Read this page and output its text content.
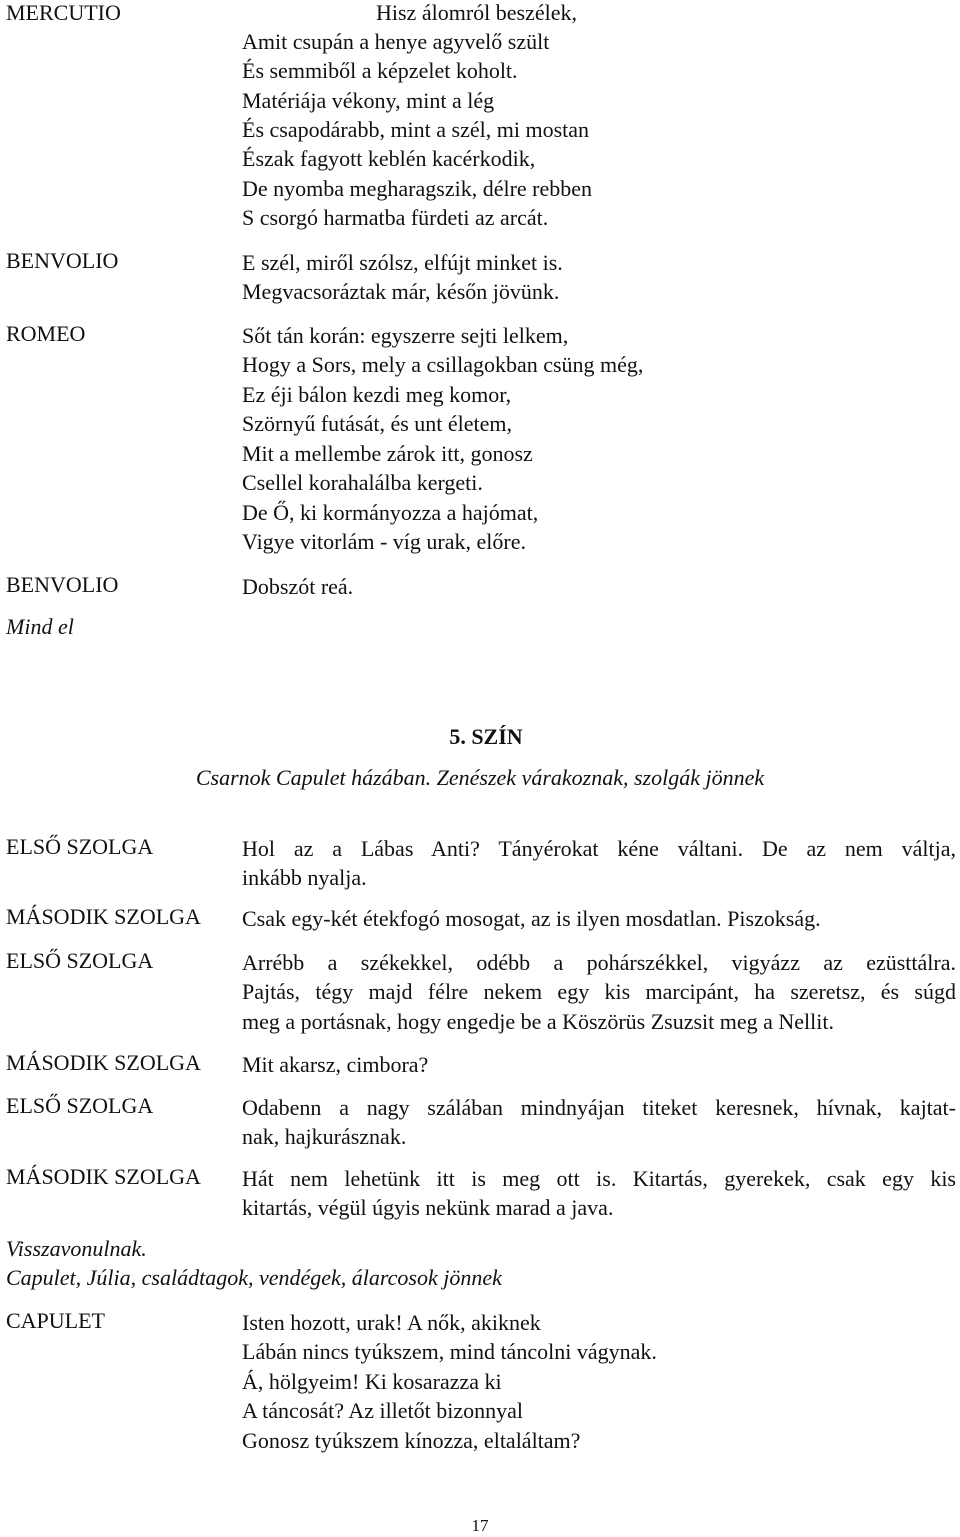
MERCUTIO	Hisz álomról beszélek,
Amit csupán a henye agyvelő szült
És semmiből a képzelet koholt.
Matériája vékony, mint a lég
És csapodárabb, mint a szél, mi mostan
Észak fagyott keblén kacérkodik,
De nyomba megharagszik, délre rebben
S csorgó harmatba fürdeti az arcát.
BENVOLIO	E szél, miről szólsz, elfújt minket is.
Megvacsoráztak már, későn jövünk.
ROMEO	Sőt tán korán: egyszerre sejti lelkem,
Hogy a Sors, mely a csillagokban csüng még,
Ez éji bálon kezdi meg komor,
Szörnyű futását, és unt életem,
Mit a mellembe zárok itt, gonosz
Csellel korahalálba kergeti.
De Ő, ki kormányozza a hajómat,
Vigye vitorlám - víg urak, előre.
BENVOLIO	Dobszót reá.
Mind el
5. SZÍN
Csarnok Capulet házában. Zenészek várakoznak, szolgák jönnek
ELSŐ SZOLGA	Hol az a Lábas Anti? Tányérokat kéne váltani. De az nem váltja,
inkább nyalja.
MÁSODIK SZOLGA Csak egy-két étekfogó mosogat, az is ilyen mosdatlan. Piszokság.
ELSŐ SZOLGA	Arrébb a székekkel, odébb a pohárszékkel, vigyázz az ezüsttálra.
Pajtás, tégy majd félre nekem egy kis marcipánt, ha szeretsz, és súgd
meg a portásnak, hogy engedje be a Köszörüs Zsuzsit meg a Nellit.
MÁSODIK SZOLGA Mit akarsz, cimbora?
ELSŐ SZOLGA	Odabenn a nagy szálában mindnyájan titeket keresnek, hívnak, kajtat-
nak, hajkurásznak.
MÁSODIK SZOLGA Hát nem lehetünk itt is meg ott is. Kitartás, gyerekek, csak egy kis
kitartás, végül úgyis nekünk marad a java.
Visszavonulnak.
Capulet, Júlia, családtagok, vendégek, álarcosok jönnek
CAPULET	Isten hozott, urak! A nők, akiknek
Lábán nincs tyúkszem, mind táncolni vágynak.
Á, hölgyeim! Ki kosarazza ki
A táncosát? Az illetőt bizonnyal
Gonosz tyúkszem kínozza, eltaláltam?
17
